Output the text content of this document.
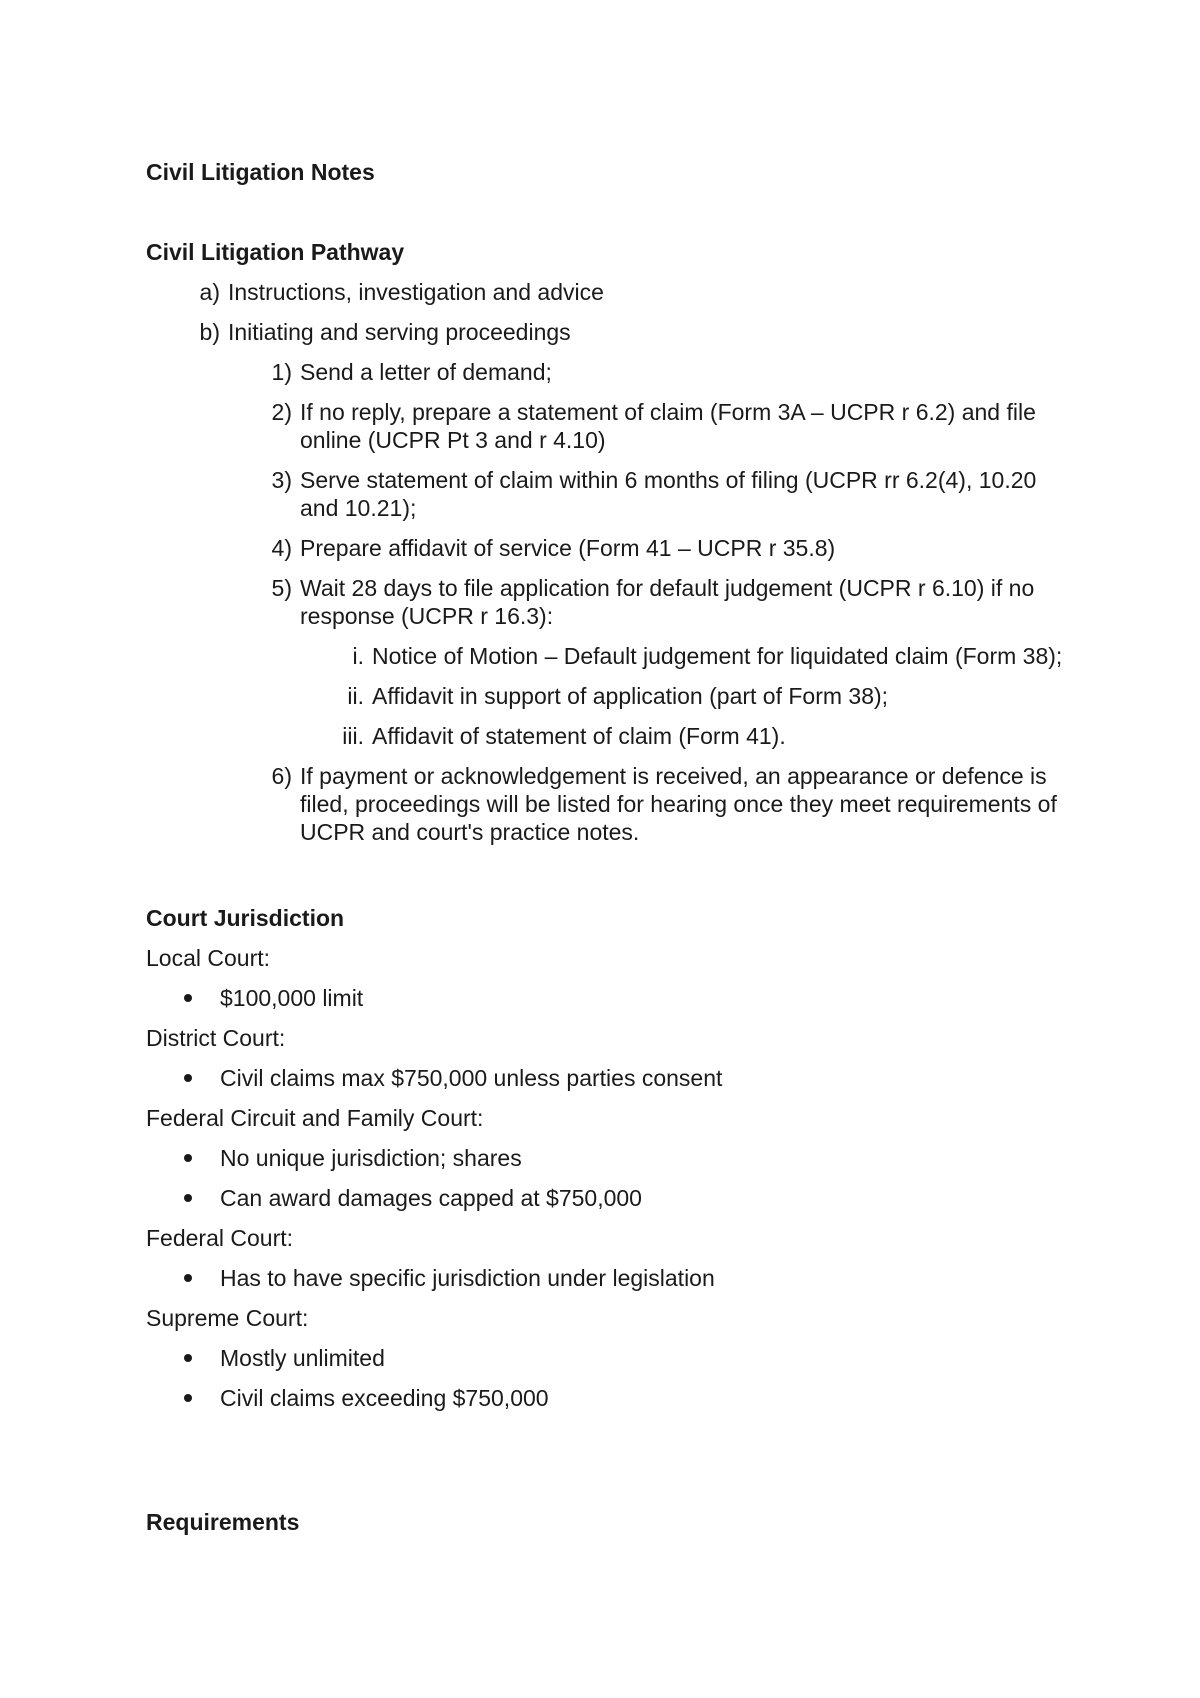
Civil Litigation Notes

Civil Litigation Pathway

a) Instructions, investigation and advice
b) Initiating and serving proceedings
1) Send a letter of demand;
2) If no reply, prepare a statement of claim (Form 3A – UCPR r 6.2) and file online (UCPR Pt 3 and r 4.10)
3) Serve statement of claim within 6 months of filing (UCPR rr 6.2(4), 10.20 and 10.21);
4) Prepare affidavit of service (Form 41 – UCPR r 35.8)
5) Wait 28 days to file application for default judgement (UCPR r 6.10) if no response (UCPR r 16.3):
i. Notice of Motion – Default judgement for liquidated claim (Form 38);
ii. Affidavit in support of application (part of Form 38);
iii. Affidavit of statement of claim (Form 41).
6) If payment or acknowledgement is received, an appearance or defence is filed, proceedings will be listed for hearing once they meet requirements of UCPR and court's practice notes.

Court Jurisdiction

Local Court:

$100,000 limit

District Court:

Civil claims max $750,000 unless parties consent

Federal Circuit and Family Court:

No unique jurisdiction; shares
Can award damages capped at $750,000

Federal Court:

Has to have specific jurisdiction under legislation

Supreme Court:

Mostly unlimited
Civil claims exceeding $750,000

Requirements
